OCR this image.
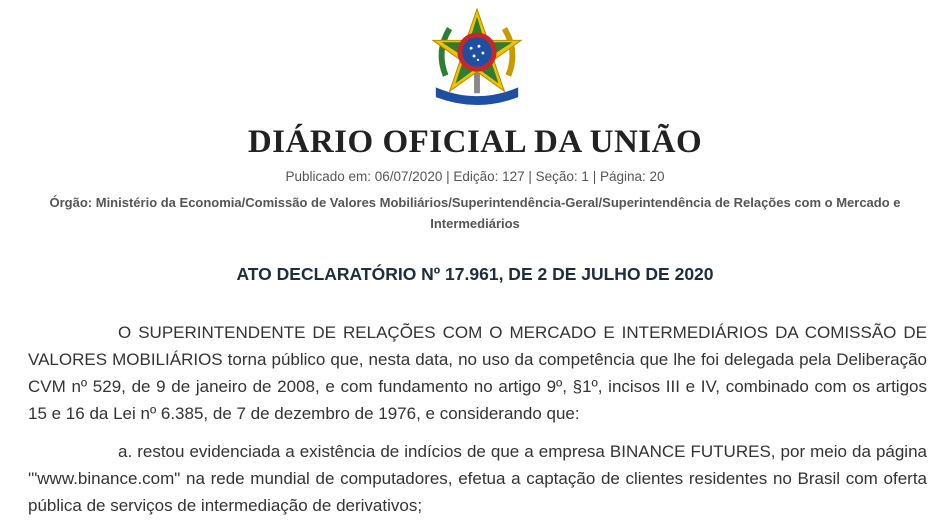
DIÁRIO OFICIAL DA UNIÃO
Publicado em: 06/07/2020 | Edição: 127 | Seção: 1 | Página: 20
Órgão: Ministério da Economia/Comissão de Valores Mobiliários/Superintendência-Geral/Superintendência de Relações com o Mercado e Intermediários
ATO DECLARATÓRIO Nº 17.961, DE 2 DE JULHO DE 2020
O SUPERINTENDENTE DE RELAÇÕES COM O MERCADO E INTERMEDIÁRIOS DA COMISSÃO DE VALORES MOBILIÁRIOS torna público que, nesta data, no uso da competência que lhe foi delegada pela Deliberação CVM nº 529, de 9 de janeiro de 2008, e com fundamento no artigo 9º, §1º, incisos III e IV, combinado com os artigos 15 e 16 da Lei nº 6.385, de 7 de dezembro de 1976, e considerando que:
a. restou evidenciada a existência de indícios de que a empresa BINANCE FUTURES, por meio da página '"www.binance.com" na rede mundial de computadores, efetua a captação de clientes residentes no Brasil com oferta pública de serviços de intermediação de derivativos;
